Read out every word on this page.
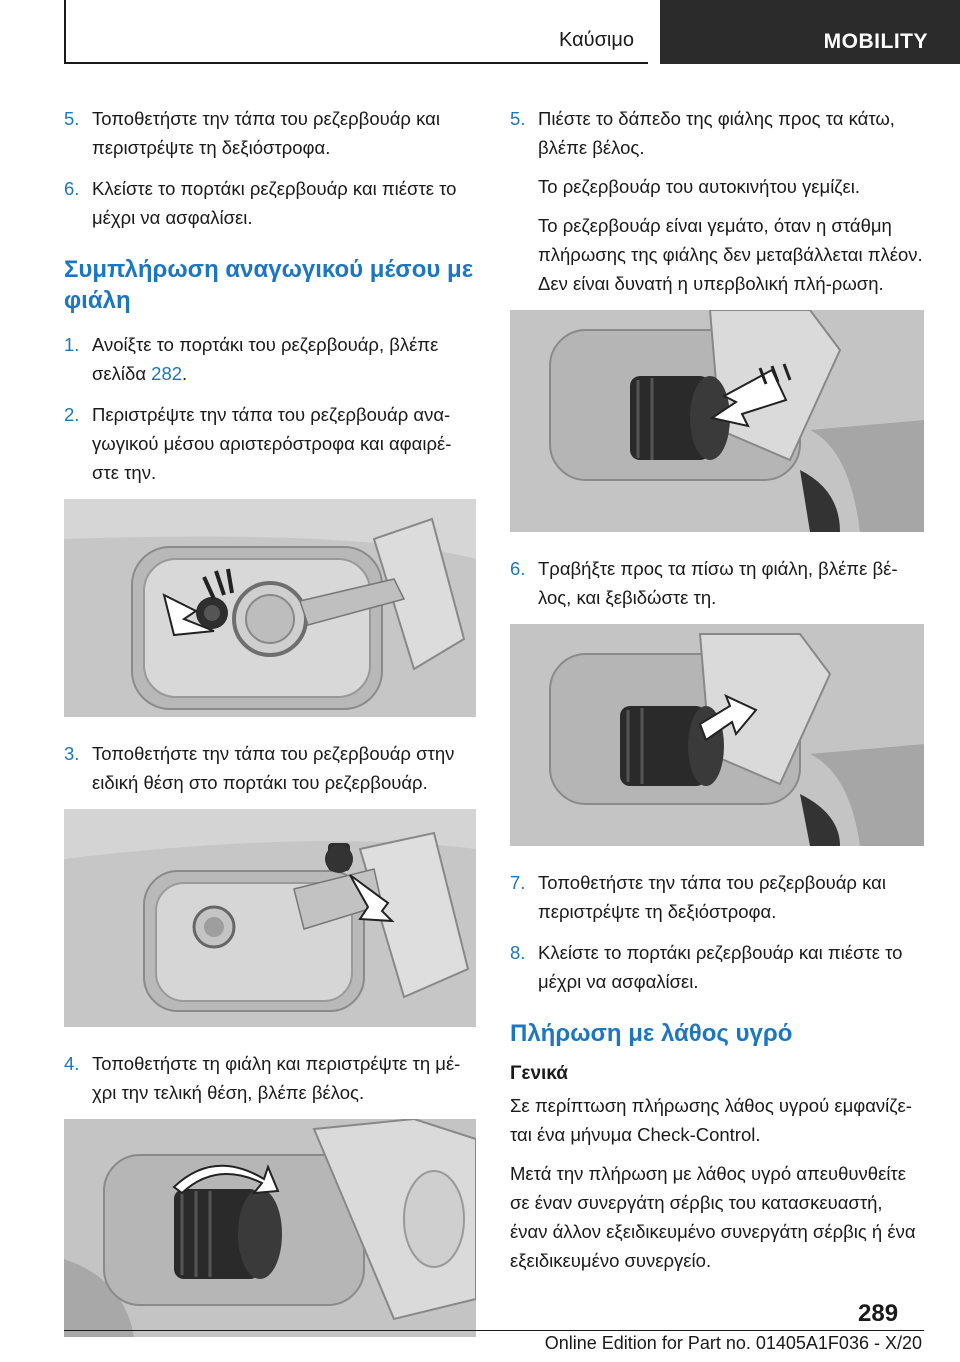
Καύσιμο	MOBILITY
5. Τοποθετήστε την τάπα του ρεζερβουάρ και περιστρέψτε τη δεξιόστροφα.
6. Κλείστε το πορτάκι ρεζερβουάρ και πιέστε το μέχρι να ασφαλίσει.
Συμπλήρωση αναγωγικού μέσου με φιάλη
1. Ανοίξτε το πορτάκι του ρεζερβουάρ, βλέπε σελίδα 282.
2. Περιστρέψτε την τάπα του ρεζερβουάρ ανα‐γωγικού μέσου αριστερόστροφα και αφαιρέ‐στε την.
3. Τοποθετήστε την τάπα του ρεζερβουάρ στην ειδική θέση στο πορτάκι του ρεζερβουάρ.
4. Τοποθετήστε τη φιάλη και περιστρέψτε τη μέ‐χρι την τελική θέση, βλέπε βέλος.
5. Πιέστε το δάπεδο της φιάλης προς τα κάτω, βλέπε βέλος.

Το ρεζερβουάρ του αυτοκινήτου γεμίζει.

Το ρεζερβουάρ είναι γεμάτο, όταν η στάθμη πλήρωσης της φιάλης δεν μεταβάλλεται πλέον. Δεν είναι δυνατή η υπερβολική πλή‐ρωση.

6. Τραβήξτε προς τα πίσω τη φιάλη, βλέπε βέ‐λος, και ξεβιδώστε τη.
7. Τοποθετήστε την τάπα του ρεζερβουάρ και περιστρέψτε τη δεξιόστροφα.
8. Κλείστε το πορτάκι ρεζερβουάρ και πιέστε το μέχρι να ασφαλίσει.
Πλήρωση με λάθος υγρό
Γενικά

Σε περίπτωση πλήρωσης λάθος υγρού εμφανίζε‐ται ένα μήνυμα Check-Control.

Μετά την πλήρωση με λάθος υγρό απευθυνθείτε σε έναν συνεργάτη σέρβις του κατασκευαστή, έναν άλλον εξειδικευμένο συνεργάτη σέρβις ή ένα εξειδικευμένο συνεργείο.

289
Online Edition for Part no. 01405A1F036 - X/20
